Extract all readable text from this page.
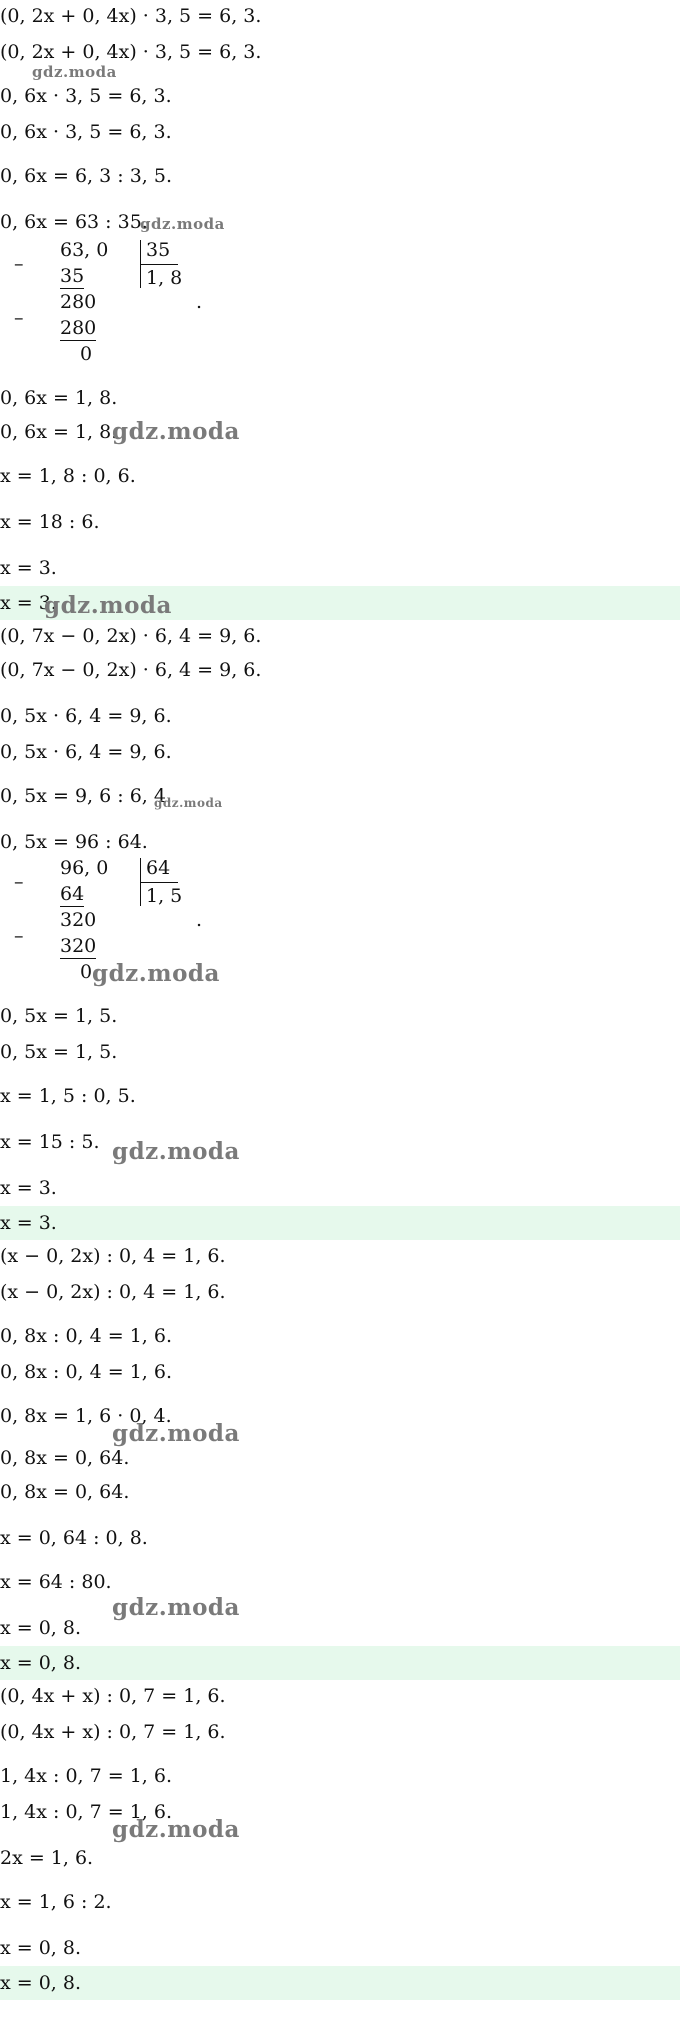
(0, 2x + 0, 4x) · 3, 5 = 6, 3.
(0, 2x + 0, 4x) · 3, 5 = 6, 3.
gdz.moda
0, 6x · 3, 5 = 6, 3.
0, 6x · 3, 5 = 6, 3.
0, 6x = 6, 3 : 3, 5.
0, 6x = 63 : 35.
gdz.moda
–
63, 0
35
–
280
280
0
35
1, 8
.
0, 6x = 1, 8.
0, 6x = 1, 8.
gdz.moda
x = 1, 8 : 0, 6.
x = 18 : 6.
x = 3.
x = 3.
gdz.moda
(0, 7x − 0, 2x) · 6, 4 = 9, 6.
(0, 7x − 0, 2x) · 6, 4 = 9, 6.
0, 5x · 6, 4 = 9, 6.
0, 5x · 6, 4 = 9, 6.
0, 5x = 9, 6 : 6, 4.
gdz.moda
0, 5x = 96 : 64.
–
96, 0
64
–
320
320
0
64
1, 5
.
gdz.moda
0, 5x = 1, 5.
0, 5x = 1, 5.
x = 1, 5 : 0, 5.
x = 15 : 5. gdz.moda
x = 3.
x = 3.
(x − 0, 2x) : 0, 4 = 1, 6.
(x − 0, 2x) : 0, 4 = 1, 6.
0, 8x : 0, 4 = 1, 6.
0, 8x : 0, 4 = 1, 6.
0, 8x = 1, 6 · 0, 4.
gdz.moda
0, 8x = 0, 64.
0, 8x = 0, 64.
x = 0, 64 : 0, 8.
x = 64 : 80.
gdz.moda
x = 0, 8.
x = 0, 8.
(0, 4x + x) : 0, 7 = 1, 6.
(0, 4x + x) : 0, 7 = 1, 6.
1, 4x : 0, 7 = 1, 6.
1, 4x : 0, 7 = 1, 6.
gdz.moda
2x = 1, 6.
x = 1, 6 : 2.
x = 0, 8.
x = 0, 8.
